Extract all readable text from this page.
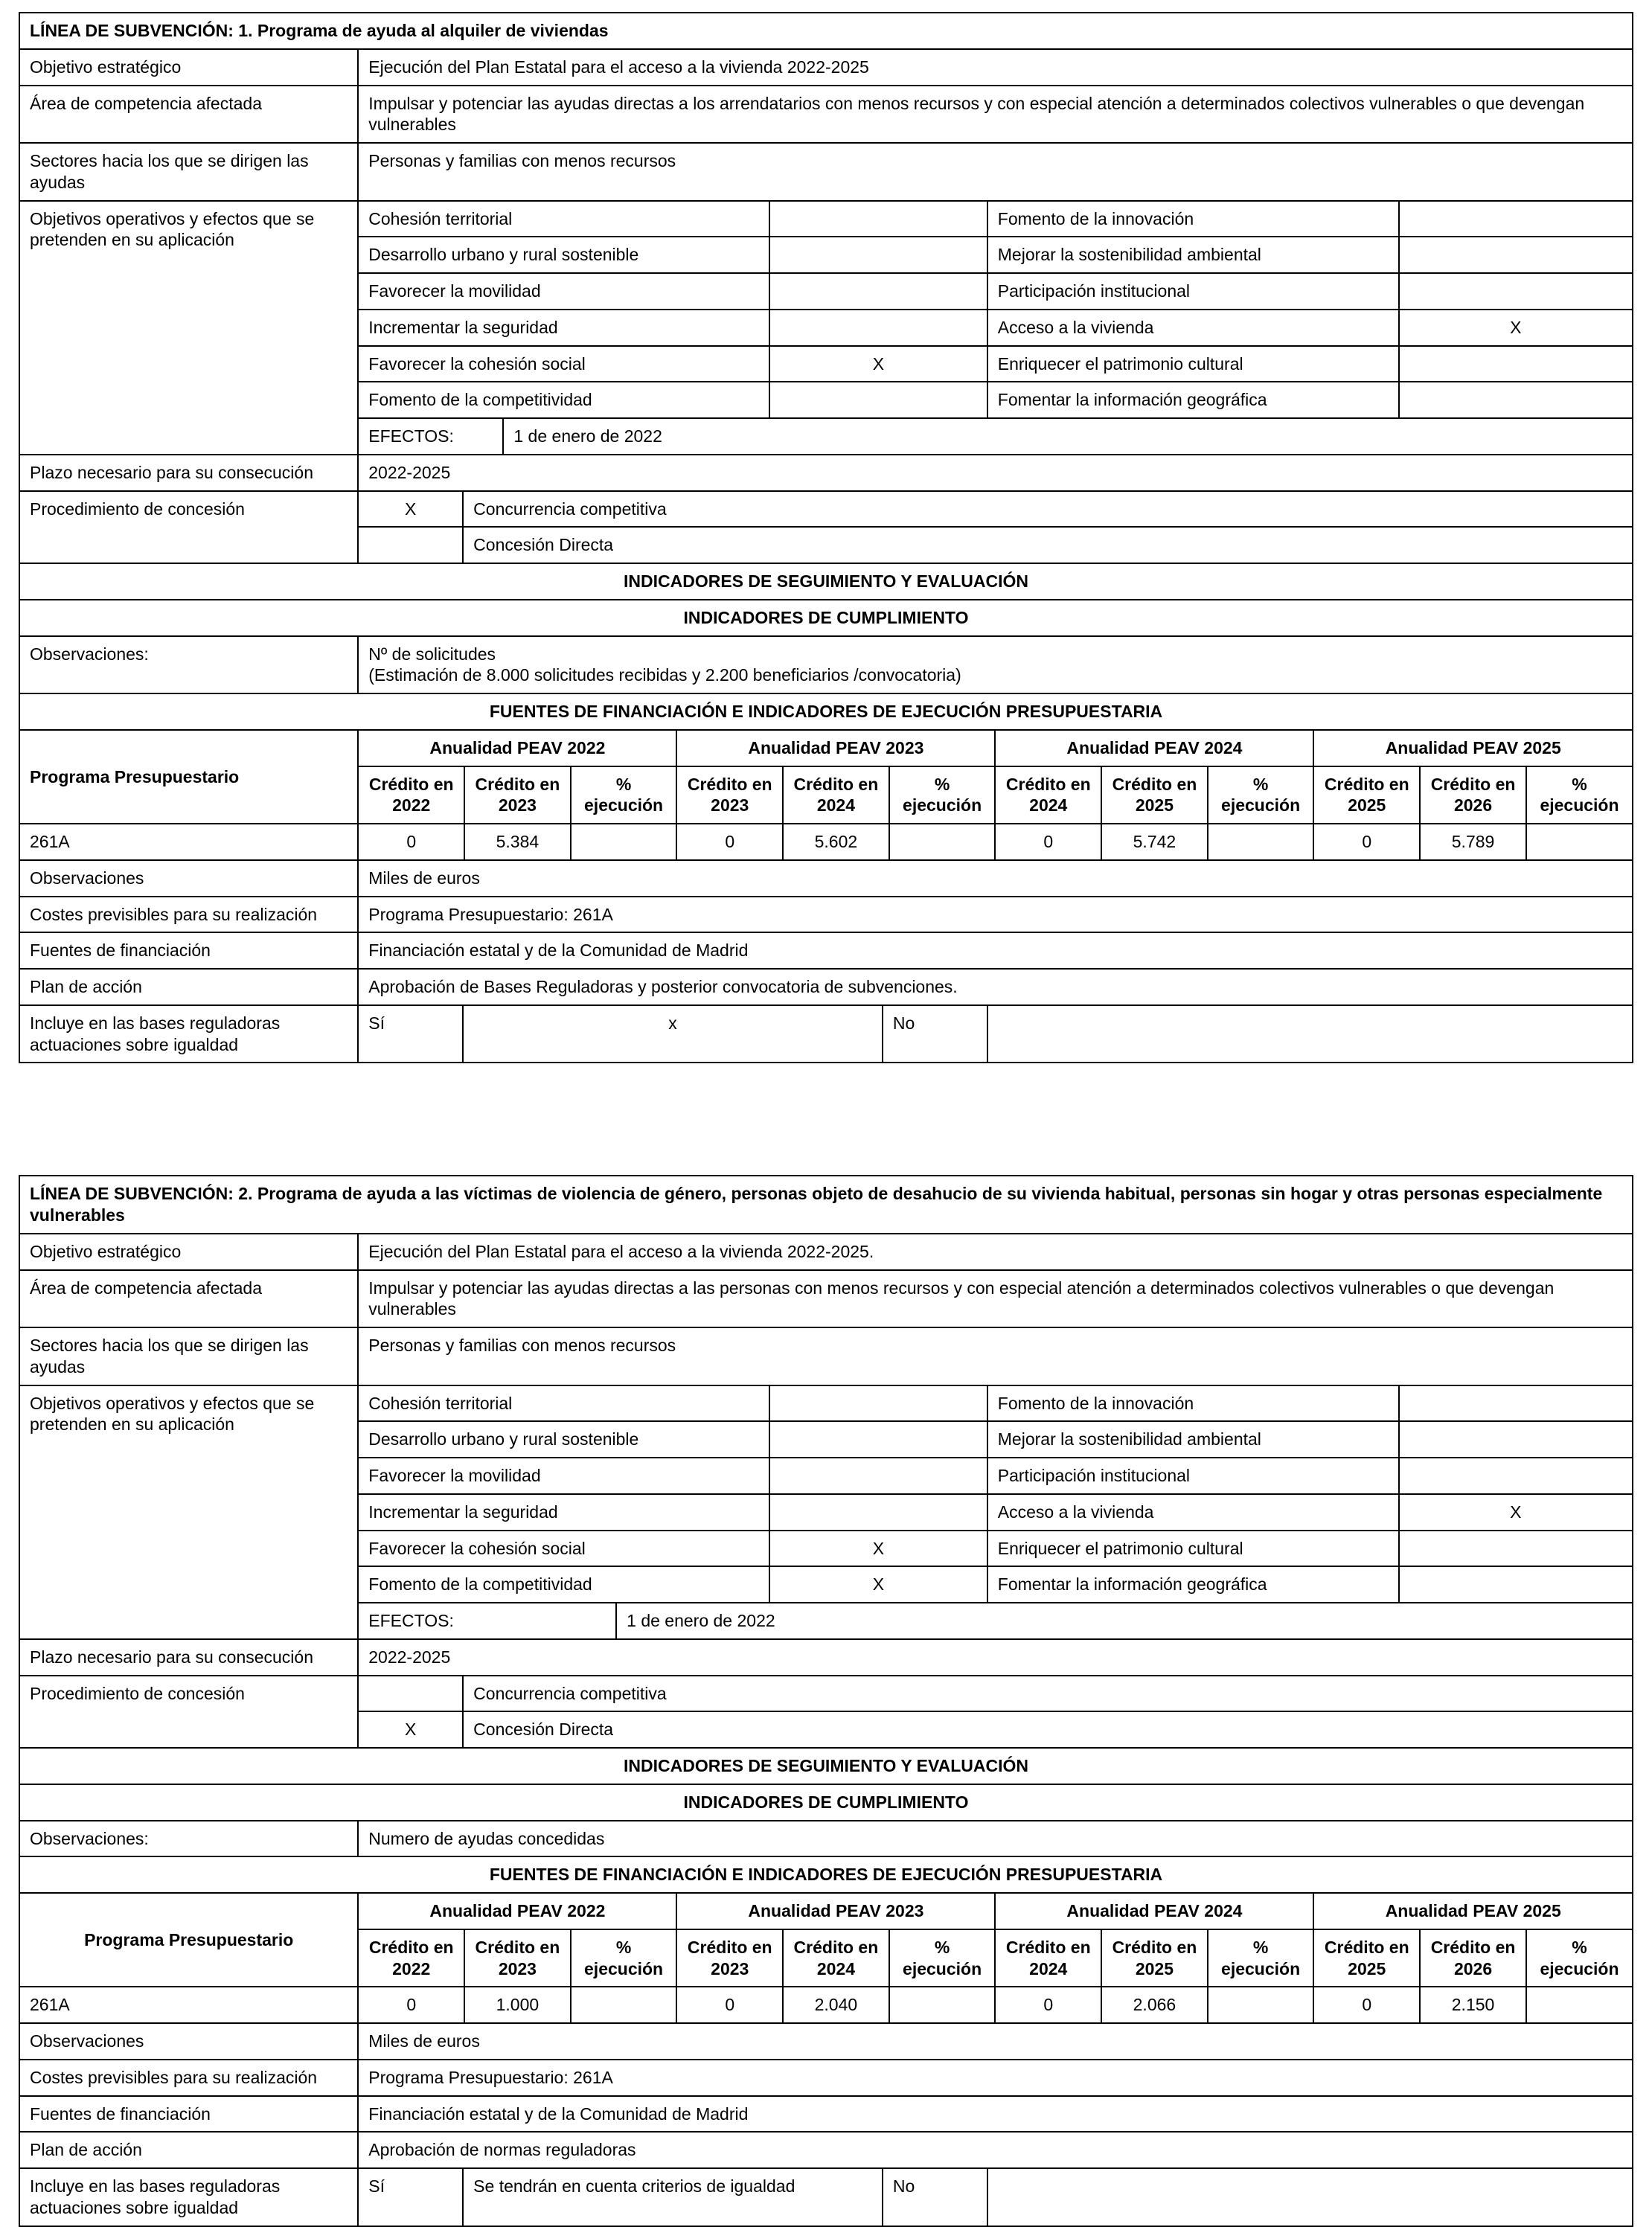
LÍNEA DE SUBVENCIÓN: 1. Programa de ayuda al alquiler de viviendas	
Objetivo estratégico	Ejecución del Plan Estatal para el acceso a la vivienda 2022-2025
Área de competencia afectada	Impulsar y potenciar las ayudas directas a los arrendatarios con menos recursos y con especial atención a determinados colectivos vulnerables o que devengan vulnerables
Sectores hacia los que se dirigen las ayudas	Personas y familias con menos recursos
Objetivos operativos y efectos que se pretenden en su aplicación	Cohesión territorial			Fomento de la innovación	
	Desarrollo urbano y rural sostenible			Mejorar la sostenibilidad ambiental	
	Favorecer la movilidad			Participación institucional	
	Incrementar la seguridad			Acceso a la vivienda	X
	Favorecer la cohesión social		X	Enriquecer el patrimonio cultural	
	Fomento de la competitividad			Fomentar la información geográfica	
	EFECTOS:	1 de enero de 2022			
Plazo necesario para su consecución	2022-2025
Procedimiento de concesión	X	Concurrencia competitiva
		Concesión Directa
INDICADORES DE SEGUIMIENTO Y EVALUACIÓN
INDICADORES DE CUMPLIMIENTO
Observaciones:	Nº de solicitudes
(Estimación de 8.000 solicitudes recibidas y 2.200 beneficiarios /convocatoria)
FUENTES DE FINANCIACIÓN E INDICADORES DE EJECUCIÓN PRESUPUESTARIA
Programa Presupuestario	Anualidad PEAV 2022			Anualidad PEAV 2023			Anualidad PEAV 2024			Anualidad PEAV 2025		
	Crédito en 2022	Crédito en 2023	% ejecución	Crédito en 2023	Crédito en 2024	% ejecución	Crédito en 2024	Crédito en 2025	% ejecución	Crédito en 2025	Crédito en 2026	% ejecución
261A	0	5.384		0	5.602		0	5.742		0	5.789	
Observaciones	Miles de euros
Costes previsibles para su realización	Programa Presupuestario: 261A
Fuentes de financiación	Financiación estatal y de la Comunidad de Madrid
Plan de acción	Aprobación de Bases Reguladoras y posterior convocatoria de subvenciones.
Incluye en las bases reguladoras actuaciones sobre igualdad	Sí	x	No	
LÍNEA DE SUBVENCIÓN: 2. Programa de ayuda a las víctimas de violencia de género, personas objeto de desahucio de su vivienda habitual, personas sin hogar y otras personas especialmente vulnerables	
Objetivo estratégico	Ejecución del Plan Estatal para el acceso a la vivienda 2022-2025.
Área de competencia afectada	Impulsar y potenciar las ayudas directas a las personas con menos recursos y con especial atención a determinados colectivos vulnerables o que devengan vulnerables
Sectores hacia los que se dirigen las ayudas	Personas y familias con menos recursos
Objetivos operativos y efectos que se pretenden en su aplicación	Cohesión territorial			Fomento de la innovación	
	Desarrollo urbano y rural sostenible			Mejorar la sostenibilidad ambiental	
	Favorecer la movilidad			Participación institucional	
	Incrementar la seguridad			Acceso a la vivienda	X
	Favorecer la cohesión social		X	Enriquecer el patrimonio cultural	
	Fomento de la competitividad		X	Fomentar la información geográfica	
	EFECTOS:	1 de enero de 2022			
Plazo necesario para su consecución	2022-2025
Procedimiento de concesión		Concurrencia competitiva
	X	Concesión Directa
INDICADORES DE SEGUIMIENTO Y EVALUACIÓN
INDICADORES DE CUMPLIMIENTO
Observaciones:	Numero de ayudas concedidas
FUENTES DE FINANCIACIÓN E INDICADORES DE EJECUCIÓN PRESUPUESTARIA
Programa Presupuestario	Anualidad PEAV 2022			Anualidad PEAV 2023			Anualidad PEAV 2024			Anualidad PEAV 2025		
	Crédito en 2022	Crédito en 2023	% ejecución	Crédito en 2023	Crédito en 2024	% ejecución	Crédito en 2024	Crédito en 2025	% ejecución	Crédito en 2025	Crédito en 2026	% ejecución
261A	0	1.000		0	2.040		0	2.066		0	2.150	
Observaciones	Miles de euros
Costes previsibles para su realización	Programa Presupuestario: 261A
Fuentes de financiación	Financiación estatal y de la Comunidad de Madrid
Plan de acción	Aprobación de normas reguladoras
Incluye en las bases reguladoras actuaciones sobre igualdad	Sí	Se tendrán en cuenta criterios de igualdad	No	
